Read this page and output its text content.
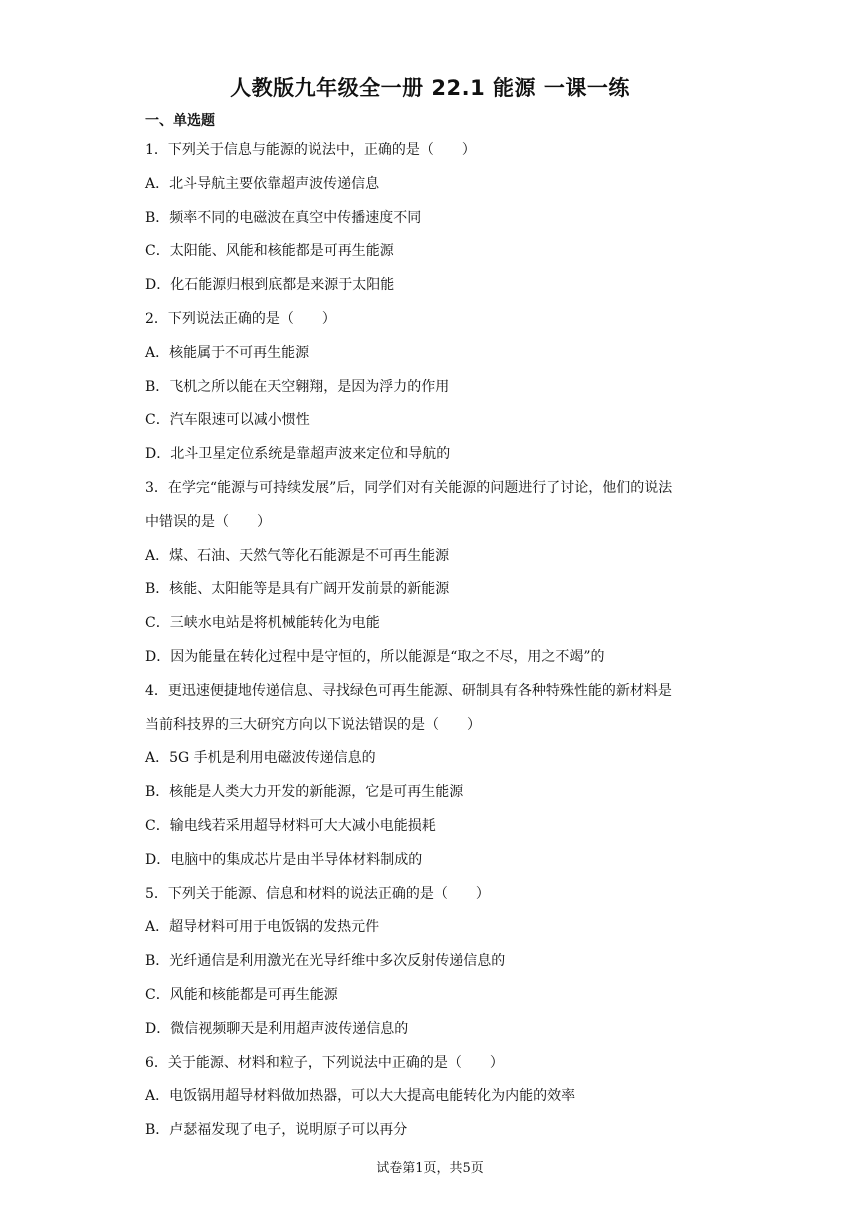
人教版九年级全一册 22.1 能源 一课一练
一、单选题
1．下列关于信息与能源的说法中，正确的是（　　）
A．北斗导航主要依靠超声波传递信息
B．频率不同的电磁波在真空中传播速度不同
C．太阳能、风能和核能都是可再生能源
D．化石能源归根到底都是来源于太阳能
2．下列说法正确的是（　　）
A．核能属于不可再生能源
B．飞机之所以能在天空翱翔，是因为浮力的作用
C．汽车限速可以减小惯性
D．北斗卫星定位系统是靠超声波来定位和导航的
3．在学完“能源与可持续发展”后，同学们对有关能源的问题进行了讨论，他们的说法
中错误的是（　　）
A．煤、石油、天然气等化石能源是不可再生能源
B．核能、太阳能等是具有广阔开发前景的新能源
C．三峡水电站是将机械能转化为电能
D．因为能量在转化过程中是守恒的，所以能源是“取之不尽，用之不竭”的
4．更迅速便捷地传递信息、寻找绿色可再生能源、研制具有各种特殊性能的新材料是
当前科技界的三大研究方向以下说法错误的是（　　）
A．5G 手机是利用电磁波传递信息的
B．核能是人类大力开发的新能源，它是可再生能源
C．输电线若采用超导材料可大大减小电能损耗
D．电脑中的集成芯片是由半导体材料制成的
5．下列关于能源、信息和材料的说法正确的是（　　）
A．超导材料可用于电饭锅的发热元件
B．光纤通信是利用激光在光导纤维中多次反射传递信息的
C．风能和核能都是可再生能源
D．微信视频聊天是利用超声波传递信息的
6．关于能源、材料和粒子，下列说法中正确的是（　　）
A．电饭锅用超导材料做加热器，可以大大提高电能转化为内能的效率
B．卢瑟福发现了电子，说明原子可以再分
试卷第1页，共5页
